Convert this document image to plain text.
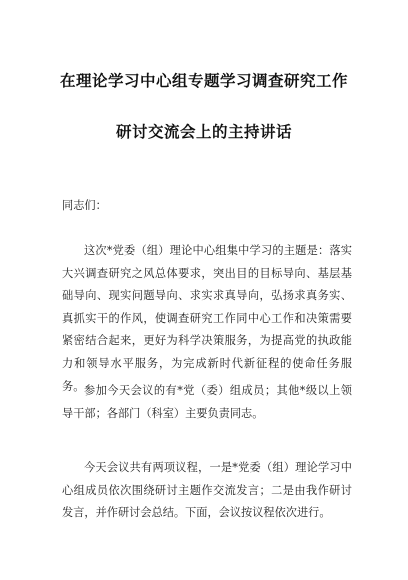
在理论学习中心组专题学习调查研究工作
研讨交流会上的主持讲话

同志们：

这次*党委（组）理论中心组集中学习的主题是：落实大兴调查研究之风总体要求，突出目的目标导向、基层基础导向、现实问题导向、求实求真导向，弘扬求真务实、真抓实干的作风，使调查研究工作同中心工作和决策需要紧密结合起来，更好为科学决策服务，为提高党的执政能力和领导水平服务，为完成新时代新征程的使命任务服务。 参加今天会议的有*党（委）组成员；其他*级以上领导干部；各部门（科室）主要负责同志。

今天会议共有两项议程，一是*党委（组）理论学习中心组成员依次围绕研讨主题作交流发言；二是由我作研讨发言，并作研讨会总结。下面，会议按议程依次进行。
